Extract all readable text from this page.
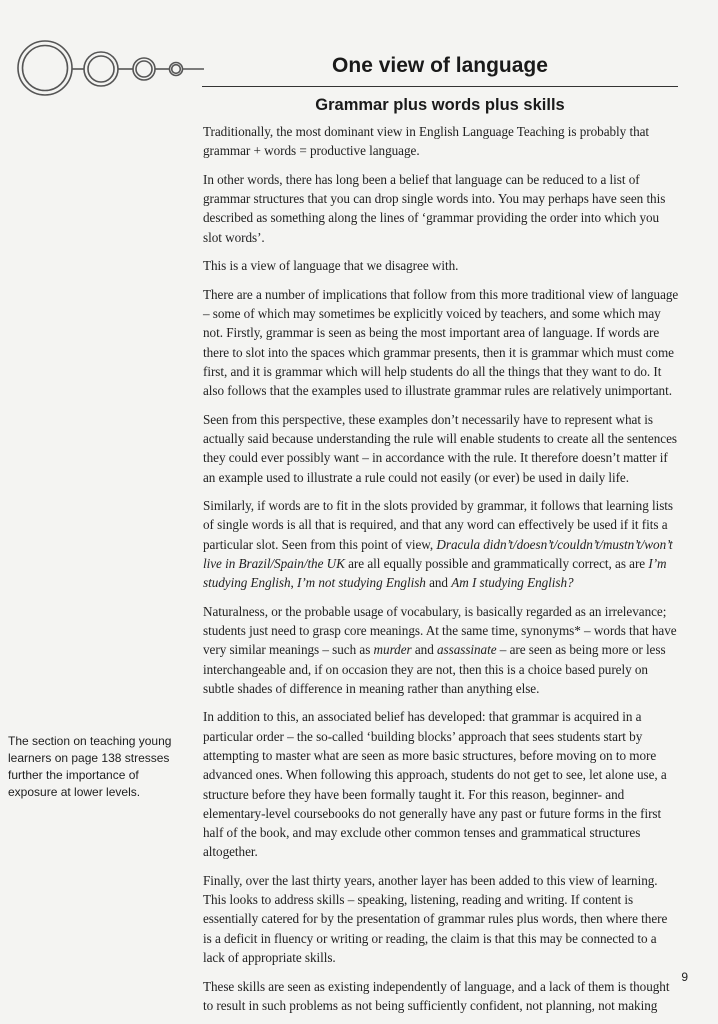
One view of language
Grammar plus words plus skills

Traditionally, the most dominant view in English Language Teaching is probably that grammar + words = productive language.

In other words, there has long been a belief that language can be reduced to a list of grammar structures that you can drop single words into. You may perhaps have seen this described as something along the lines of ‘grammar providing the order into which you slot words’.

This is a view of language that we disagree with.

There are a number of implications that follow from this more traditional view of language – some of which may sometimes be explicitly voiced by teachers, and some which may not. Firstly, grammar is seen as being the most important area of language. If words are there to slot into the spaces which grammar presents, then it is grammar which must come first, and it is grammar which will help students do all the things that they want to do. It also follows that the examples used to illustrate grammar rules are relatively unimportant.

Seen from this perspective, these examples don’t necessarily have to represent what is actually said because understanding the rule will enable students to create all the sentences they could ever possibly want – in accordance with the rule. It therefore doesn’t matter if an example used to illustrate a rule could not easily (or ever) be used in daily life.

Similarly, if words are to fit in the slots provided by grammar, it follows that learning lists of single words is all that is required, and that any word can effectively be used if it fits a particular slot. Seen from this point of view, Dracula didn’t/doesn’t/couldn’t/mustn’t/won’t live in Brazil/Spain/the UK are all equally possible and grammatically correct, as are I’m studying English, I’m not studying English and Am I studying English?

Naturalness, or the probable usage of vocabulary, is basically regarded as an irrelevance; students just need to grasp core meanings. At the same time, synonyms* – words that have very similar meanings – such as murder and assassinate – are seen as being more or less interchangeable and, if on occasion they are not, then this is a choice based purely on subtle shades of difference in meaning rather than anything else.

In addition to this, an associated belief has developed: that grammar is acquired in a particular order – the so-called ‘building blocks’ approach that sees students start by attempting to master what are seen as more basic structures, before moving on to more advanced ones. When following this approach, students do not get to see, let alone use, a structure before they have been formally taught it. For this reason, beginner- and elementary-level coursebooks do not generally have any past or future forms in the first half of the book, and may exclude other common tenses and grammatical structures altogether.

Finally, over the last thirty years, another layer has been added to this view of learning. This looks to address skills – speaking, listening, reading and writing. If content is essentially catered for by the presentation of grammar rules plus words, then where there is a deficit in fluency or writing or reading, the claim is that this may be connected to a lack of appropriate skills.

These skills are seen as existing independently of language, and a lack of them is thought to result in such problems as not being sufficiently confident, not planning, not making

The section on teaching young learners on page 138 stresses further the importance of exposure at lower levels.
9
